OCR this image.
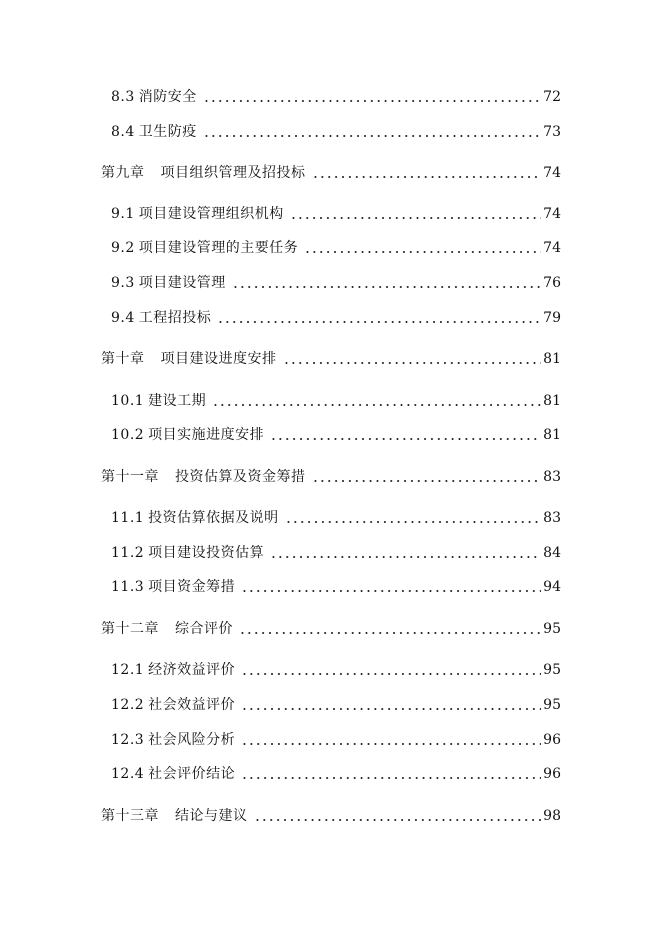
8.3 消防安全	72
8.4 卫生防疫	73
第九章 项目组织管理及招投标	74
9.1 项目建设管理组织机构	74
9.2 项目建设管理的主要任务	74
9.3 项目建设管理	76
9.4 工程招投标	79
第十章 项目建设进度安排	81
10.1 建设工期	81
10.2 项目实施进度安排	81
第十一章 投资估算及资金筹措	83
11.1 投资估算依据及说明	83
11.2 项目建设投资估算	84
11.3 项目资金筹措	94
第十二章 综合评价	95
12.1 经济效益评价	95
12.2 社会效益评价	95
12.3 社会风险分析	96
12.4 社会评价结论	96
第十三章 结论与建议	98
